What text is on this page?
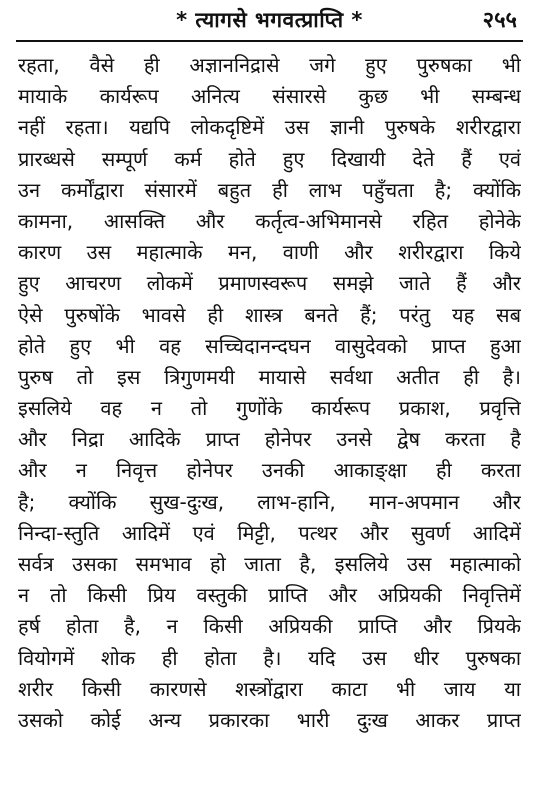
* त्यागसे भगवत्प्राप्ति *	२५५
रहता, वैसे ही अज्ञाननिद्रासे जगे हुए पुरुषका भी
मायाके कार्यरूप अनित्य संसारसे कुछ भी सम्बन्ध
नहीं रहता। यद्यपि लोकदृष्टिमें उस ज्ञानी पुरुषके शरीरद्वारा
प्रारब्धसे सम्पूर्ण कर्म होते हुए दिखायी देते हैं एवं
उन कर्मोंद्वारा संसारमें बहुत ही लाभ पहुँचता है; क्योंकि
कामना, आसक्ति और कर्तृत्व-अभिमानसे रहित होनेके
कारण उस महात्माके मन, वाणी और शरीरद्वारा किये
हुए आचरण लोकमें प्रमाणस्वरूप समझे जाते हैं और
ऐसे पुरुषोंके भावसे ही शास्त्र बनते हैं; परंतु यह सब
होते हुए भी वह सच्चिदानन्दघन वासुदेवको प्राप्त हुआ
पुरुष तो इस त्रिगुणमयी मायासे सर्वथा अतीत ही है।
इसलिये वह न तो गुणोंके कार्यरूप प्रकाश, प्रवृत्ति
और निद्रा आदिके प्राप्त होनेपर उनसे द्वेष करता है
और न निवृत्त होनेपर उनकी आकाङ्क्षा ही करता
है; क्योंकि सुख-दुःख, लाभ-हानि, मान-अपमान और
निन्दा-स्तुति आदिमें एवं मिट्टी, पत्थर और सुवर्ण आदिमें
सर्वत्र उसका समभाव हो जाता है, इसलिये उस महात्माको
न तो किसी प्रिय वस्तुकी प्राप्ति और अप्रियकी निवृत्तिमें
हर्ष होता है, न किसी अप्रियकी प्राप्ति और प्रियके
वियोगमें शोक ही होता है। यदि उस धीर पुरुषका
शरीर किसी कारणसे शस्त्रोंद्वारा काटा भी जाय या
उसको कोई अन्य प्रकारका भारी दुःख आकर प्राप्त
